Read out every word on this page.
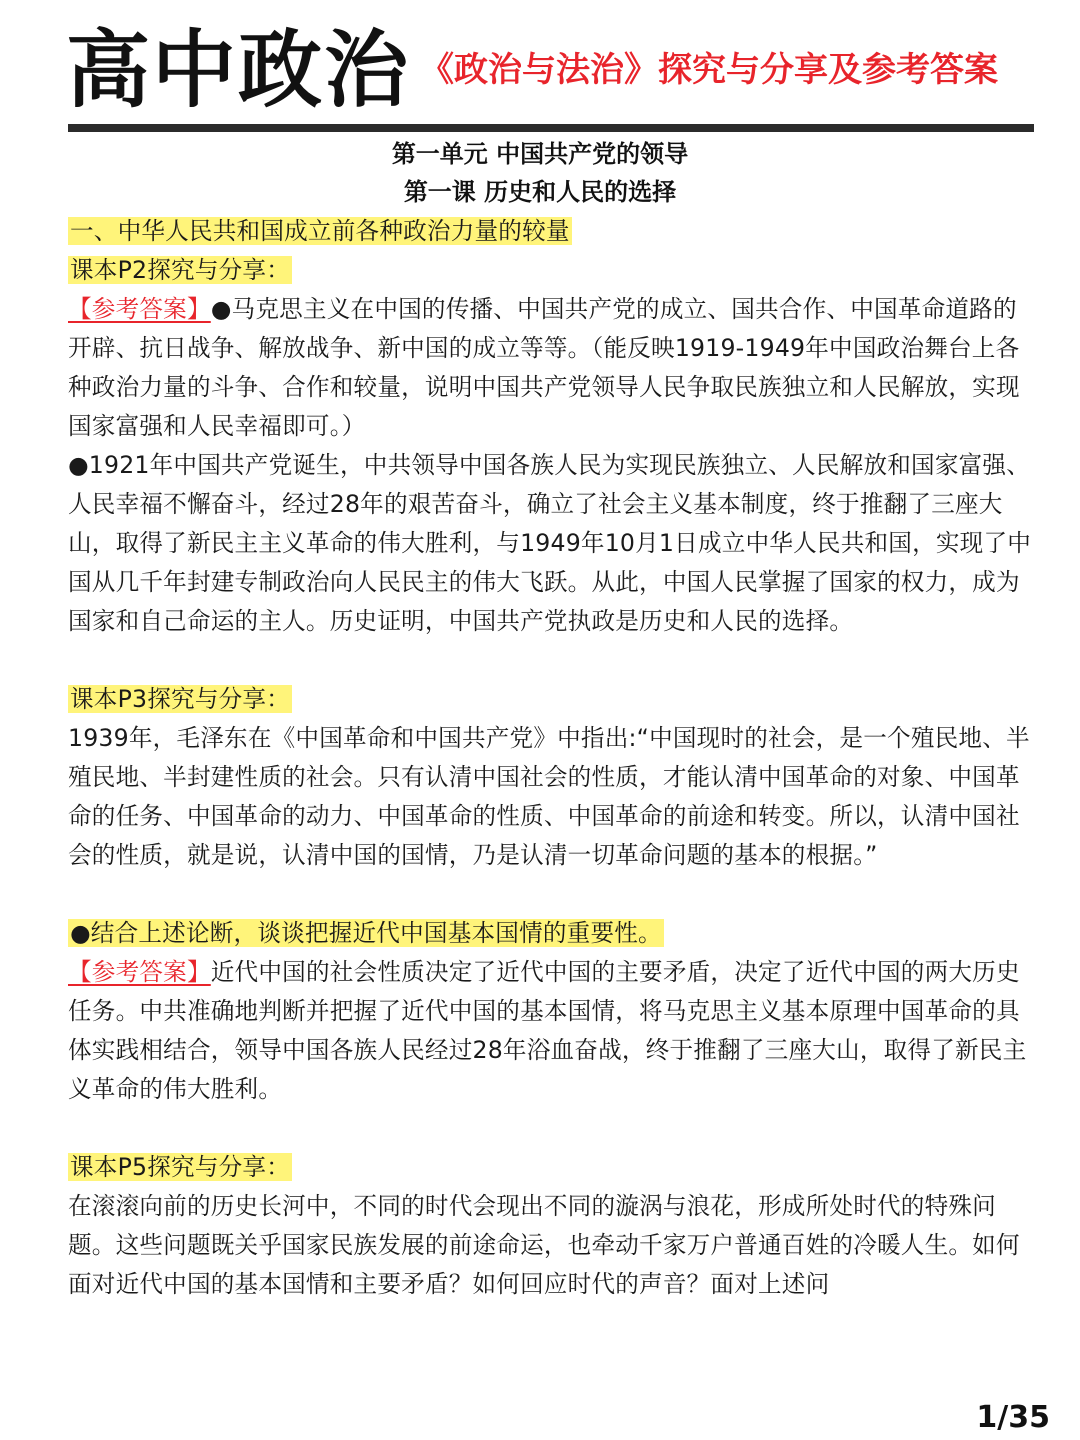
高中政治 《政治与法治》探究与分享及参考答案
第一单元 中国共产党的领导
第一课 历史和人民的选择

一、中华人民共和国成立前各种政治力量的较量

课本P2探究与分享：

【参考答案】●马克思主义在中国的传播、中国共产党的成立、国共合作、中国革命道路的开辟、抗日战争、解放战争、新中国的成立等等。（能反映1919-1949年中国政治舞台上各种政治力量的斗争、合作和较量，说明中国共产党领导人民争取民族独立和人民解放，实现国家富强和人民幸福即可。）

●1921年中国共产党诞生，中共领导中国各族人民为实现民族独立、人民解放和国家富强、人民幸福不懈奋斗，经过28年的艰苦奋斗，确立了社会主义基本制度，终于推翻了三座大山，取得了新民主主义革命的伟大胜利，与1949年10月1日成立中华人民共和国，实现了中国从几千年封建专制政治向人民民主的伟大飞跃。从此，中国人民掌握了国家的权力，成为国家和自己命运的主人。历史证明，中国共产党执政是历史和人民的选择。

课本P3探究与分享：

1939年，毛泽东在《中国革命和中国共产党》中指出:“中国现时的社会，是一个殖民地、半殖民地、半封建性质的社会。只有认清中国社会的性质，才能认清中国革命的对象、中国革命的任务、中国革命的动力、中国革命的性质、中国革命的前途和转变。所以，认清中国社会的性质，就是说，认清中国的国情，乃是认清一切革命问题的基本的根据。”

●结合上述论断，谈谈把握近代中国基本国情的重要性。

【参考答案】近代中国的社会性质决定了近代中国的主要矛盾，决定了近代中国的两大历史任务。中共准确地判断并把握了近代中国的基本国情，将马克思主义基本原理中国革命的具体实践相结合，领导中国各族人民经过28年浴血奋战，终于推翻了三座大山，取得了新民主义革命的伟大胜利。

课本P5探究与分享：

在滚滚向前的历史长河中，不同的时代会现出不同的漩涡与浪花，形成所处时代的特殊问题。这些问题既关乎国家民族发展的前途命运，也牵动千家万户普通百姓的冷暖人生。如何面对近代中国的基本国情和主要矛盾？如何回应时代的声音？面对上述问

1/35
